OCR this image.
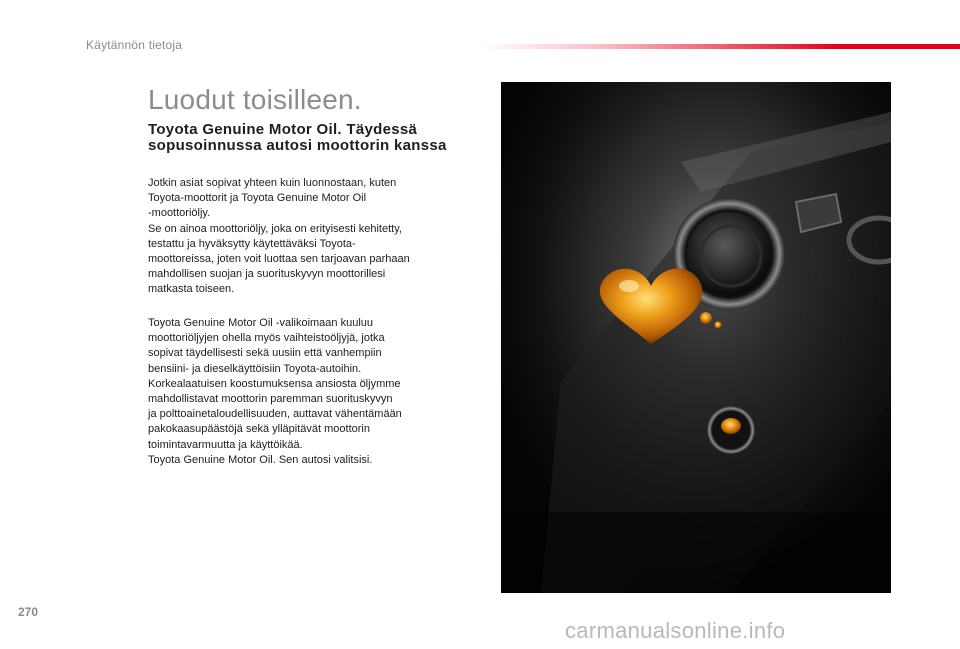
Käytännön tietoja
Luodut toisilleen.
Toyota Genuine Motor Oil. Täydessä sopusoinnussa autosi moottorin kanssa

Jotkin asiat sopivat yhteen kuin luonnostaan, kuten
Toyota-moottorit ja Toyota Genuine Motor Oil
-moottoriöljy.
Se on ainoa moottoriöljy, joka on erityisesti kehitetty,
testattu ja hyväksytty käytettäväksi Toyota-
moottoreissa, joten voit luottaa sen tarjoavan parhaan
mahdollisen suojan ja suorituskyvyn moottorillesi
matkasta toiseen.

Toyota Genuine Motor Oil -valikoimaan kuuluu
moottoriöljyjen ohella myös vaihteistoöljyjä, jotka
sopivat täydellisesti sekä uusiin että vanhempiin
bensiini- ja dieselkäyttöisiin Toyota-autoihin.
Korkealaatuisen koostumuksensa ansiosta öljymme
mahdollistavat moottorin paremman suorituskyvyn
ja polttoainetaloudellisuuden, auttavat vähentämään
pakokaasupäästöjä sekä ylläpitävät moottorin
toimintavarmuutta ja käyttöikää.
Toyota Genuine Motor Oil. Sen autosi valitsisi.

270
carmanualsonline.info
